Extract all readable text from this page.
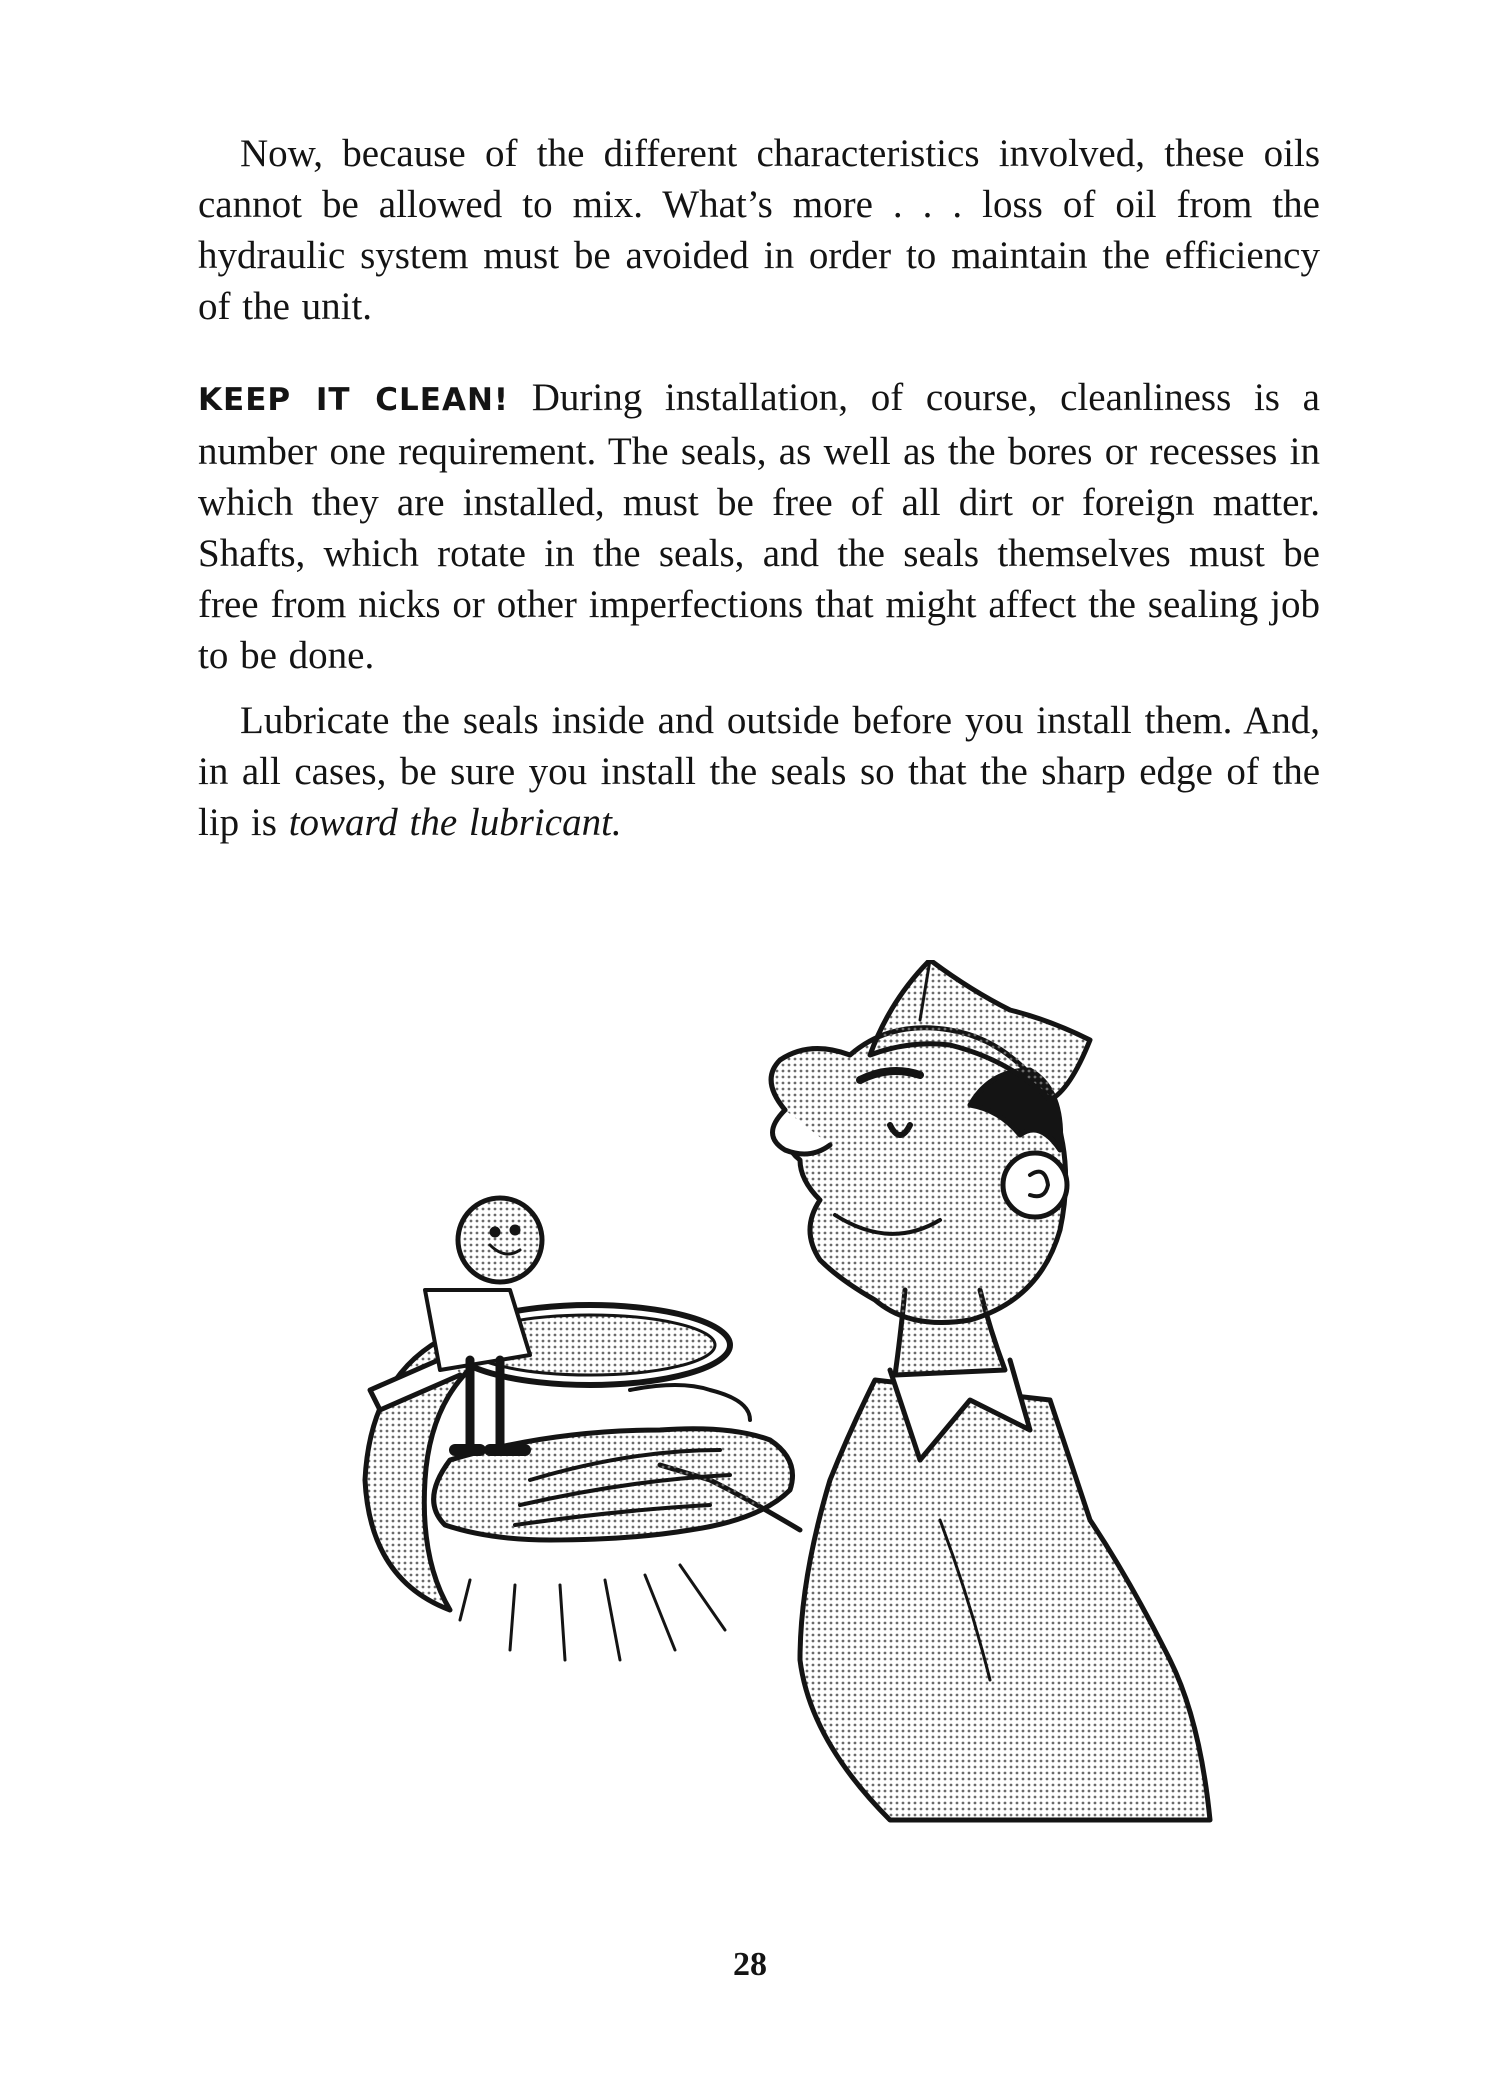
Now, because of the different characteristics involved, these oils cannot be allowed to mix. What’s more . . . loss of oil from the hydraulic system must be avoided in order to maintain the efficiency of the unit.

KEEP IT CLEAN! During installation, of course, cleanliness is a number one requirement. The seals, as well as the bores or recesses in which they are installed, must be free of all dirt or foreign matter. Shafts, which rotate in the seals, and the seals themselves must be free from nicks or other imperfections that might affect the sealing job to be done.

Lubricate the seals inside and outside before you install them. And, in all cases, be sure you install the seals so that the sharp edge of the lip is toward the lubricant.

28
